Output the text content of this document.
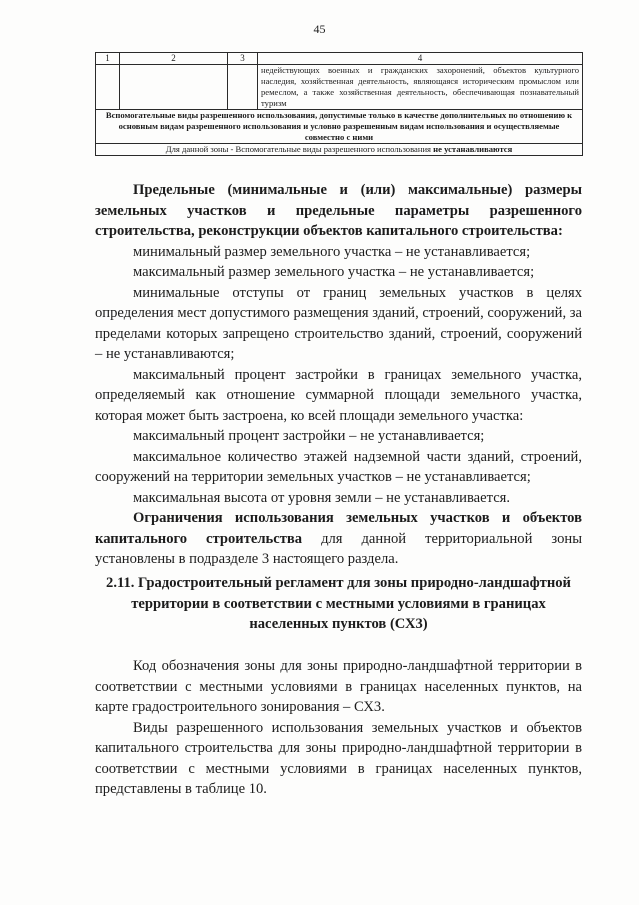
45
1	2	3	4
			недействующих военных и гражданских захоронений, объектов культурного наследия, хозяйственная деятельность, являющаяся историческим промыслом или ремеслом, а также хозяйственная деятельность, обеспечивающая познавательный туризм
Вспомогательные виды разрешенного использования, допустимые только в качестве дополнительных по отношению к основным видам разрешенного использования и условно разрешенным видам использования и осуществляемые совместно с ними			
Для данной зоны - Вспомогательные виды разрешенного использования не устанавливаются			

Предельные (минимальные и (или) максимальные) размеры земельных участков и предельные параметры разрешенного строительства, реконструкции объектов капитального строительства:

минимальный размер земельного участка – не устанавливается;

максимальный размер земельного участка – не устанавливается;

минимальные отступы от границ земельных участков в целях определения мест допустимого размещения зданий, строений, сооружений, за пределами которых запрещено строительство зданий, строений, сооружений – не устанавливаются;

максимальный процент застройки в границах земельного участка, определяемый как отношение суммарной площади земельного участка, которая может быть застроена, ко всей площади земельного участка:

максимальный процент застройки – не устанавливается;

максимальное количество этажей надземной части зданий, строений, сооружений на территории земельных участков – не устанавливается;

максимальная высота от уровня земли – не устанавливается.

Ограничения использования земельных участков и объектов капитального строительства для данной территориальной зоны установлены в подразделе 3 настоящего раздела.

2.11. Градостроительный регламент для зоны природно-ландшафтной территории в соответствии с местными условиями в границах населенных пунктов (СХ3)

Код обозначения зоны для зоны природно-ландшафтной территории в соответствии с местными условиями в границах населенных пунктов, на карте градостроительного зонирования – СХ3.

Виды разрешенного использования земельных участков и объектов капитального строительства для зоны природно-ландшафтной территории в соответствии с местными условиями в границах населенных пунктов, представлены в таблице 10.
